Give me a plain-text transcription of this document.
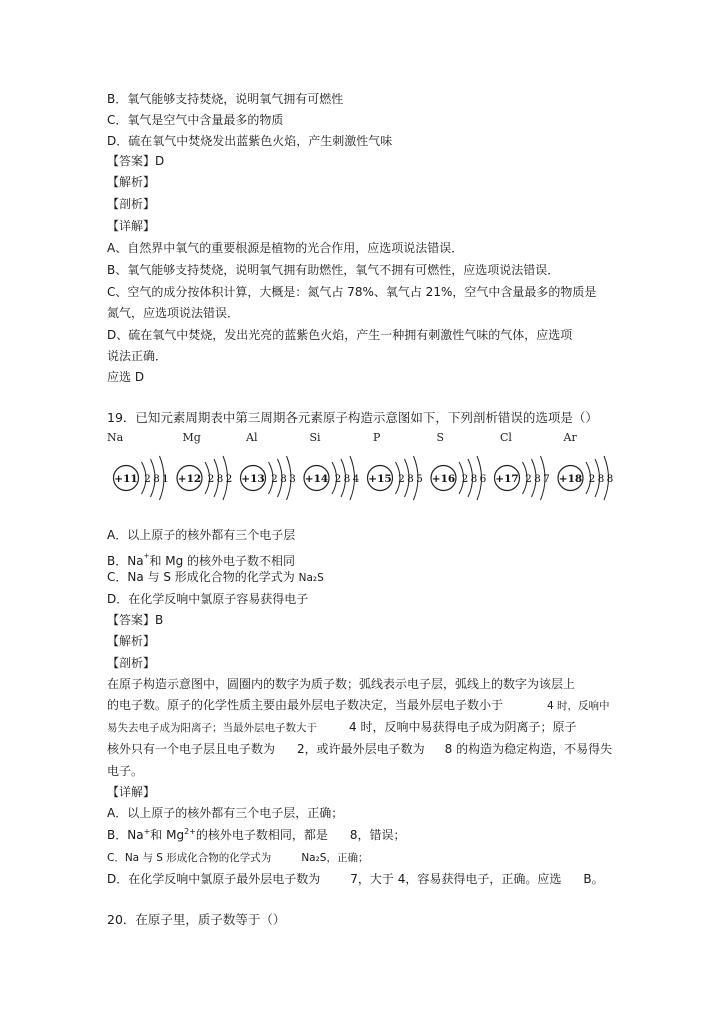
B．氧气能够支持焚烧，说明氧气拥有可燃性
C．氧气是空气中含量最多的物质
D．硫在氧气中焚烧发出蓝紫色火焰，产生刺激性气味
【答案】D
【解析】
【剖析】
【详解】
A、自然界中氧气的重要根源是植物的光合作用，应选项说法错误．
B、氧气能够支持焚烧，说明氧气拥有助燃性，氧气不拥有可燃性，应选项说法错误．
C、空气的成分按体积计算，大概是：氮气占 78%、氧气占 21%，空气中含量最多的物质是
氮气，应选项说法错误．
D、硫在氧气中焚烧，发出光亮的蓝紫色火焰，产生一种拥有刺激性气味的气体，应选项
说法正确．
应选 D
19．已知元素周期表中第三周期各元素原子构造示意图如下，下列剖析错误的选项是（）
Na
+11 2 8 1
Mg
+12 2 8 2
Al
+13 2 8 3
Si
+14 2 8 4
P
+15 2 8 5
S
+16 2 8 6
Cl
+17 2 8 7
Ar
+18 2 8 8
A．以上原子的核外都有三个电子层
B．Na+和 Mg 的核外电子数不相同
C．Na 与 S 形成化合物的化学式为 Na₂S
D．在化学反响中氯原子容易获得电子
【答案】B
【解析】
【剖析】
在原子构造示意图中，圆圈内的数字为质子数；弧线表示电子层，弧线上的数字为该层上
的电子数。原子的化学性质主要由最外层电子数决定，当最外层电子数小于	4 时，反响中
易失去电子成为阳离子；当最外层电子数大于	4 时，反响中易获得电子成为阴离子；原子
核外只有一个电子层且电子数为 2，或许最外层电子数为 8 的构造为稳定构造，不易得失
电子。
【详解】
A．以上原子的核外都有三个电子层，正确；
B．Na+和 $Mg^{2+}$的核外电子数相同，都是 8，错误；
C．Na 与 S 形成化合物的化学式为	Na₂S，正确；
D．在化学反响中氯原子最外层电子数为	7，大于 4，容易获得电子，正确。应选 B。
20．在原子里，质子数等于（）
